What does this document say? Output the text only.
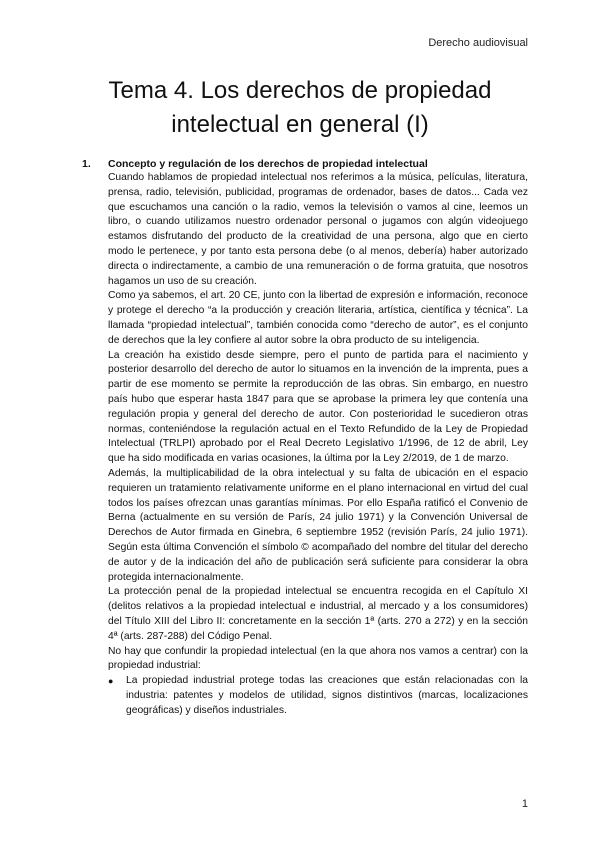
Derecho audiovisual
Tema 4. Los derechos de propiedad
intelectual en general (I)
1.	Concepto y regulación de los derechos de propiedad intelectual

Cuando hablamos de propiedad intelectual nos referimos a la música, películas, literatura, prensa, radio, televisión, publicidad, programas de ordenador, bases de datos... Cada vez que escuchamos una canción o la radio, vemos la televisión o vamos al cine, leemos un libro, o cuando utilizamos nuestro ordenador personal o jugamos con algún videojuego estamos disfrutando del producto de la creatividad de una persona, algo que en cierto modo le pertenece, y por tanto esta persona debe (o al menos, debería) haber autorizado directa o indirectamente, a cambio de una remuneración o de forma gratuita, que nosotros hagamos un uso de su creación.

Como ya sabemos, el art. 20 CE, junto con la libertad de expresión e información, reconoce y protege el derecho “a la producción y creación literaria, artística, científica y técnica”. La llamada “propiedad intelectual”, también conocida como “derecho de autor”, es el conjunto de derechos que la ley confiere al autor sobre la obra producto de su inteligencia.

La creación ha existido desde siempre, pero el punto de partida para el nacimiento y posterior desarrollo del derecho de autor lo situamos en la invención de la imprenta, pues a partir de ese momento se permite la reproducción de las obras. Sin embargo, en nuestro país hubo que esperar hasta 1847 para que se aprobase la primera ley que contenía una regulación propia y general del derecho de autor. Con posterioridad le sucedieron otras normas, conteniéndose la regulación actual en el Texto Refundido de la Ley de Propiedad Intelectual (TRLPI) aprobado por el Real Decreto Legislativo 1/1996, de 12 de abril, Ley que ha sido modificada en varias ocasiones, la última por la Ley 2/2019, de 1 de marzo.

Además, la multiplicabilidad de la obra intelectual y su falta de ubicación en el espacio requieren un tratamiento relativamente uniforme en el plano internacional en virtud del cual todos los países ofrezcan unas garantías mínimas. Por ello España ratificó el Convenio de Berna (actualmente en su versión de París, 24 julio 1971) y la Convención Universal de Derechos de Autor firmada en Ginebra, 6 septiembre 1952 (revisión París, 24 julio 1971). Según esta última Convención el símbolo © acompañado del nombre del titular del derecho de autor y de la indicación del año de publicación será suficiente para considerar la obra protegida internacionalmente.

La protección penal de la propiedad intelectual se encuentra recogida en el Capítulo XI (delitos relativos a la propiedad intelectual e industrial, al mercado y a los consumidores) del Título XIII del Libro II: concretamente en la sección 1ª (arts. 270 a 272) y en la sección 4ª (arts. 287-288) del Código Penal.

No hay que confundir la propiedad intelectual (en la que ahora nos vamos a centrar) con la propiedad industrial:

●	La propiedad industrial protege todas las creaciones que están relacionadas con la industria: patentes y modelos de utilidad, signos distintivos (marcas, localizaciones geográficas) y diseños industriales.
1
